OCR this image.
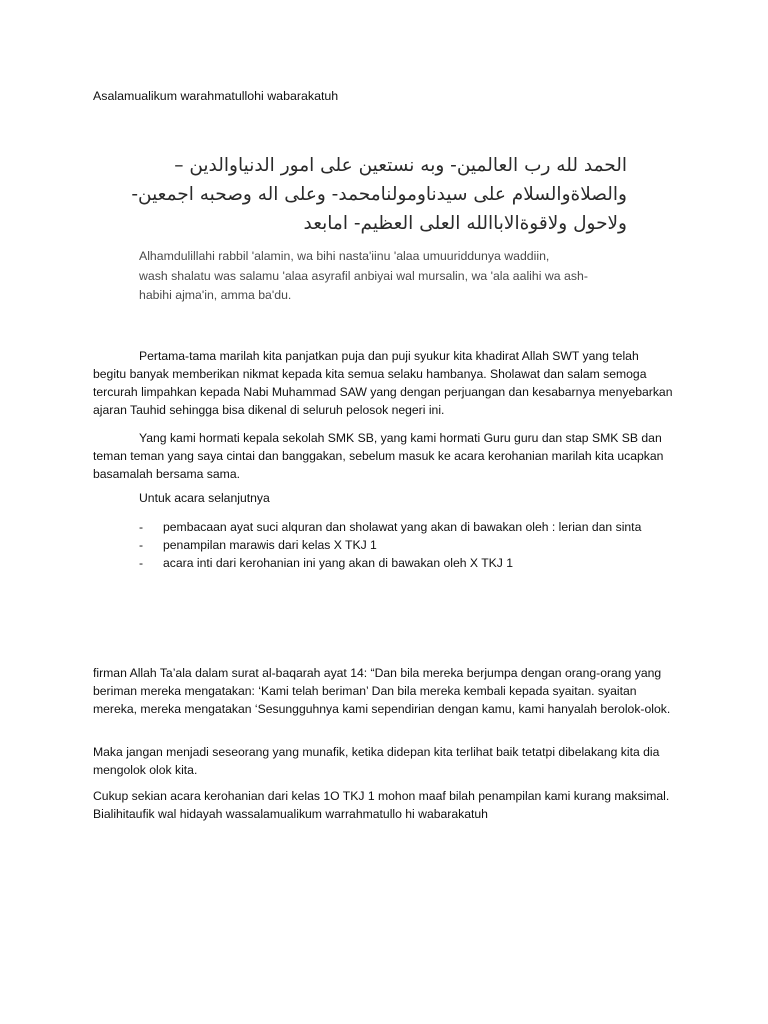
Asalamualikum warahmatullohi wabarakatuh
الحمد لله رب العالمين- وبه نستعين على امور الدنياوالدين –
والصلاةوالسلام على سيدناومولنامحمد- وعلى اله وصحبه اجمعين-
ولاحول ولاقوةالاباالله العلى العظيم- امابعد
Alhamdulillahi rabbil 'alamin, wa bihi nasta'iinu 'alaa umuuriddunya waddiin,
wash shalatu was salamu 'alaa asyrafil anbiyai wal mursalin, wa 'ala aalihi wa ash-
habihi ajma'in, amma ba'du.

Pertama-tama marilah kita panjatkan puja dan puji syukur kita khadirat Allah SWT yang telah begitu banyak memberikan nikmat kepada kita semua selaku hambanya. Sholawat dan salam semoga tercurah limpahkan kepada Nabi Muhammad SAW yang dengan perjuangan dan kesabarnya menyebarkan ajaran Tauhid sehingga bisa dikenal di seluruh pelosok negeri ini.

Yang kami hormati kepala sekolah SMK SB, yang kami hormati Guru guru dan stap SMK SB dan teman teman yang saya cintai dan banggakan, sebelum masuk ke acara kerohanian marilah kita ucapkan basamalah bersama sama.

Untuk acara selanjutnya
- pembacaan ayat suci alquran dan sholawat yang akan di bawakan oleh : lerian dan sinta
- penampilan marawis dari kelas X TKJ 1
- acara inti dari kerohanian ini yang akan di bawakan oleh X TKJ 1

firman Allah Ta’ala dalam surat al-baqarah ayat 14: “Dan bila mereka berjumpa dengan orang-orang yang beriman mereka mengatakan: ‘Kami telah beriman’ Dan bila mereka kembali kepada syaitan. syaitan mereka, mereka mengatakan ‘Sesungguhnya kami sependirian dengan kamu, kami hanyalah berolok-olok.

Maka jangan menjadi seseorang yang munafik, ketika didepan kita terlihat baik tetatpi dibelakang kita dia mengolok olok kita.

Cukup sekian acara kerohanian dari kelas 1O TKJ 1 mohon maaf bilah penampilan kami kurang maksimal. Bialihitaufik wal hidayah wassalamualikum warrahmatullo hi wabarakatuh
